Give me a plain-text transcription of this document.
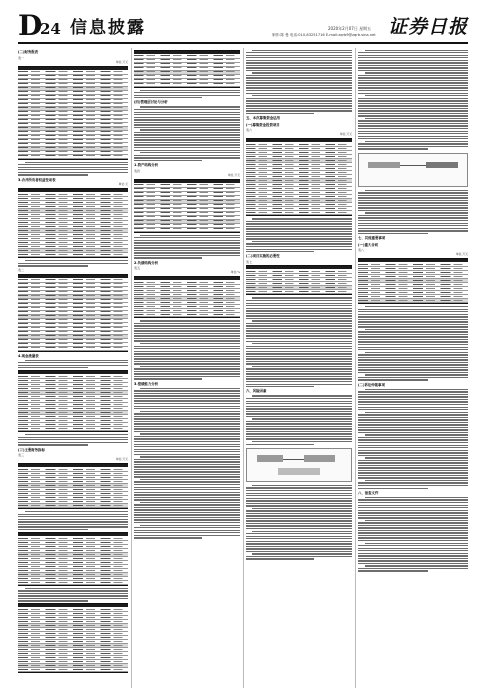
D
24 信息披露	2020年2月07日 星期五
制作:陈 曼 电话:010-83251716 E-mail:zqrb9@zqrb.sina.net 证券日报
(二)财务报表
表一
单位:万元
3.合并所有者权益变动表
单位:元
表二
4.现金流量表
(三)主要财务指标
表三
单位:万元
(四)管理层讨论与分析
1.资产结构分析
表四
单位:万元
2.负债结构分析
表五
单位:%
3.偿债能力分析
五、本次募集资金运用
(一)募集资金投资项目
表六
单位:万元
(二)项目实施的必要性
表七
六、风险因素
七、其他重要事项
(一)重大合同
表八
单位:万元
(二)诉讼仲裁事项
八、备查文件
